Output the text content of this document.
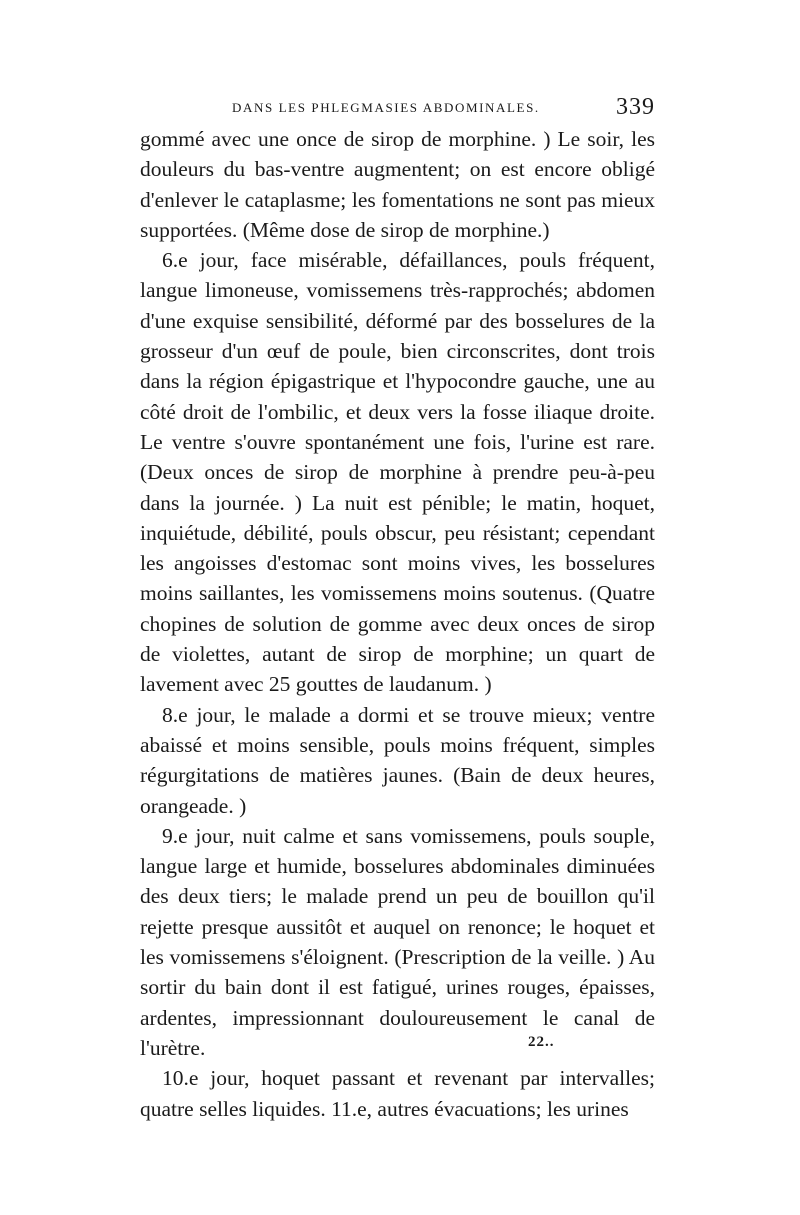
DANS LES PHLEGMASIES ABDOMINALES.	339

gommé avec une once de sirop de morphine. ) Le soir, les douleurs du bas-ventre augmentent; on est encore obligé d'enlever le cataplasme; les fomentations ne sont pas mieux supportées. (Même dose de sirop de morphine.)

6.e jour, face misérable, défaillances, pouls fréquent, langue limoneuse, vomissemens très-rapprochés; abdomen d'une exquise sensibilité, déformé par des bosselures de la grosseur d'un œuf de poule, bien circonscrites, dont trois dans la région épigastrique et l'hypocondre gauche, une au côté droit de l'ombilic, et deux vers la fosse iliaque droite. Le ventre s'ouvre spontanément une fois, l'urine est rare. (Deux onces de sirop de morphine à prendre peu-à-peu dans la journée. ) La nuit est pénible; le matin, hoquet, inquiétude, débilité, pouls obscur, peu résistant; cependant les angoisses d'estomac sont moins vives, les bosselures moins saillantes, les vomissemens moins soutenus. (Quatre chopines de solution de gomme avec deux onces de sirop de violettes, autant de sirop de morphine; un quart de lavement avec 25 gouttes de laudanum. )

8.e jour, le malade a dormi et se trouve mieux; ventre abaissé et moins sensible, pouls moins fréquent, simples régurgitations de matières jaunes. (Bain de deux heures, orangeade. )

9.e jour, nuit calme et sans vomissemens, pouls souple, langue large et humide, bosselures abdominales diminuées des deux tiers; le malade prend un peu de bouillon qu'il rejette presque aussitôt et auquel on renonce; le hoquet et les vomissemens s'éloignent. (Prescription de la veille. ) Au sortir du bain dont il est fatigué, urines rouges, épaisses, ardentes, impressionnant douloureusement le canal de l'urètre.

10.e jour, hoquet passant et revenant par intervalles; quatre selles liquides. 11.e, autres évacuations; les urines

22..
